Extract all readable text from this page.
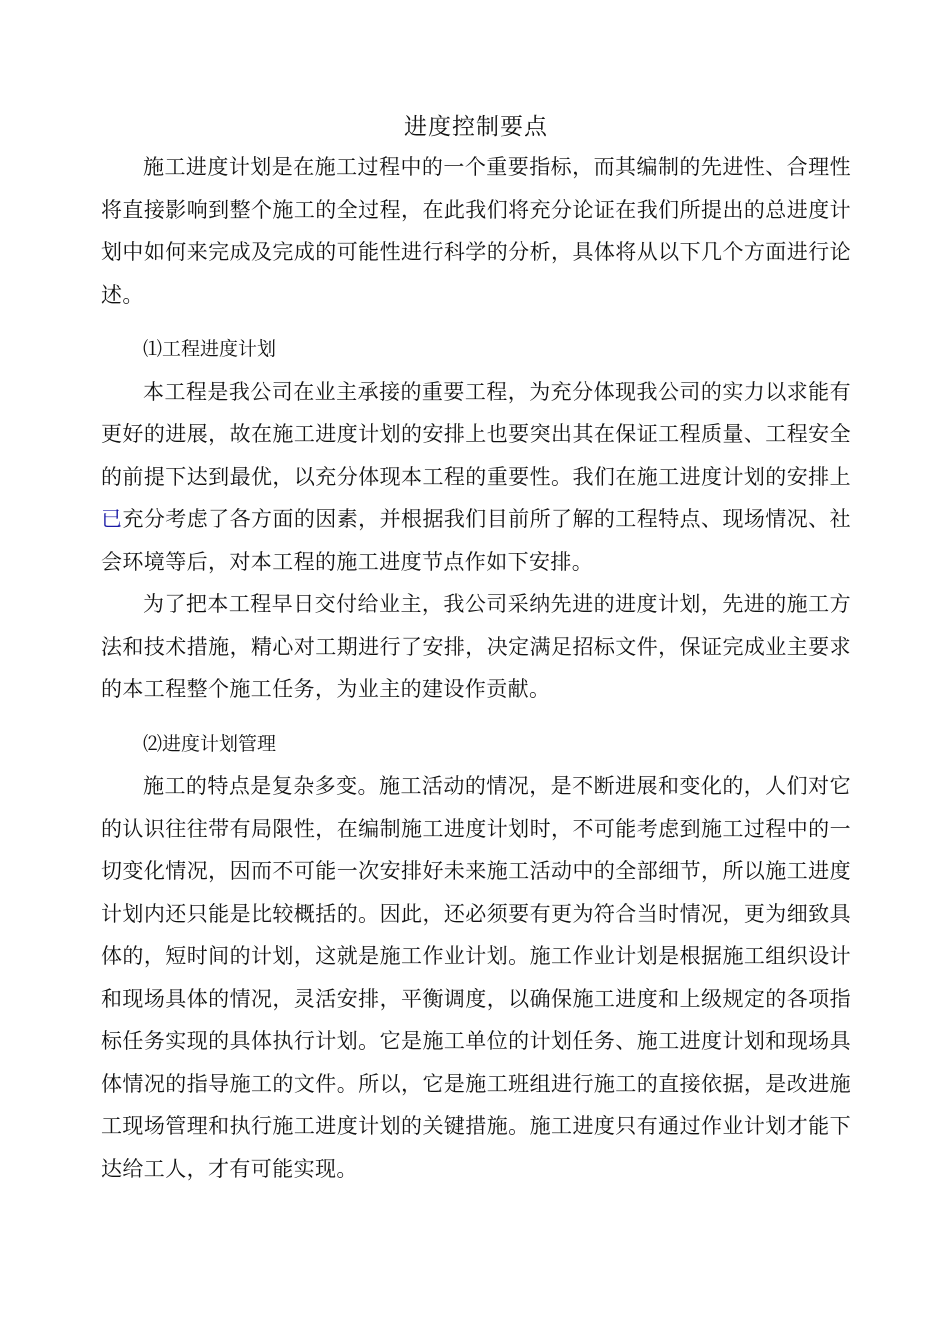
进度控制要点

施工进度计划是在施工过程中的一个重要指标，而其编制的先进性、合理性将直接影响到整个施工的全过程，在此我们将充分论证在我们所提出的总进度计划中如何来完成及完成的可能性进行科学的分析，具体将从以下几个方面进行论述。

⑴工程进度计划

本工程是我公司在业主承接的重要工程，为充分体现我公司的实力以求能有更好的进展，故在施工进度计划的安排上也要突出其在保证工程质量、工程安全的前提下达到最优，以充分体现本工程的重要性。我们在施工进度计划的安排上已充分考虑了各方面的因素，并根据我们目前所了解的工程特点、现场情况、社会环境等后，对本工程的施工进度节点作如下安排。

为了把本工程早日交付给业主，我公司采纳先进的进度计划，先进的施工方法和技术措施，精心对工期进行了安排，决定满足招标文件，保证完成业主要求的本工程整个施工任务，为业主的建设作贡献。

⑵进度计划管理

施工的特点是复杂多变。施工活动的情况，是不断进展和变化的，人们对它的认识往往带有局限性，在编制施工进度计划时，不可能考虑到施工过程中的一切变化情况，因而不可能一次安排好未来施工活动中的全部细节，所以施工进度计划内还只能是比较概括的。因此，还必须要有更为符合当时情况，更为细致具体的，短时间的计划，这就是施工作业计划。施工作业计划是根据施工组织设计和现场具体的情况，灵活安排，平衡调度，以确保施工进度和上级规定的各项指标任务实现的具体执行计划。它是施工单位的计划任务、施工进度计划和现场具体情况的指导施工的文件。所以，它是施工班组进行施工的直接依据，是改进施工现场管理和执行施工进度计划的关键措施。施工进度只有通过作业计划才能下达给工人，才有可能实现。
